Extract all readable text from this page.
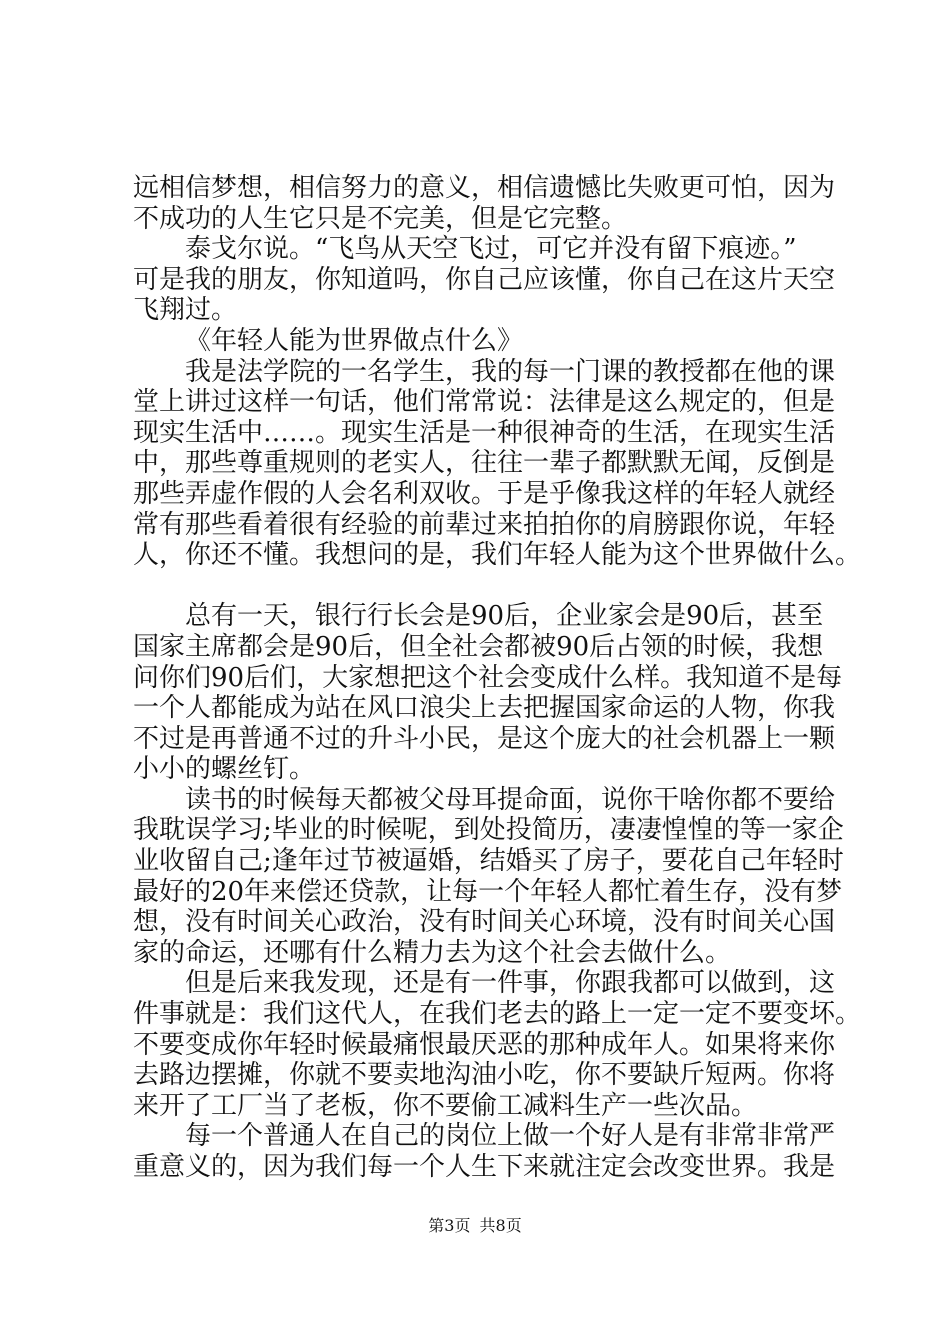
远相信梦想，相信努力的意义，相信遗憾比失败更可怕，因为
不成功的人生它只是不完美，但是它完整。
泰戈尔说。“飞鸟从天空飞过，可它并没有留下痕迹。”
可是我的朋友，你知道吗，你自己应该懂，你自己在这片天空
飞翔过。
《年轻人能为世界做点什么》
我是法学院的一名学生，我的每一门课的教授都在他的课
堂上讲过这样一句话，他们常常说：法律是这么规定的，但是
现实生活中……。现实生活是一种很神奇的生活，在现实生活
中，那些尊重规则的老实人，往往一辈子都默默无闻，反倒是
那些弄虚作假的人会名利双收。于是乎像我这样的年轻人就经
常有那些看着很有经验的前辈过来拍拍你的肩膀跟你说，年轻
人，你还不懂。我想问的是，我们年轻人能为这个世界做什么。
总有一天，银行行长会是90后，企业家会是90后，甚至
国家主席都会是90后，但全社会都被90后占领的时候，我想
问你们90后们，大家想把这个社会变成什么样。我知道不是每
一个人都能成为站在风口浪尖上去把握国家命运的人物，你我
不过是再普通不过的升斗小民，是这个庞大的社会机器上一颗
小小的螺丝钉。
读书的时候每天都被父母耳提命面，说你干啥你都不要给
我耽误学习;毕业的时候呢，到处投简历，凄凄惶惶的等一家企
业收留自己;逢年过节被逼婚，结婚买了房子，要花自己年轻时
最好的20年来偿还贷款，让每一个年轻人都忙着生存，没有梦
想，没有时间关心政治，没有时间关心环境，没有时间关心国
家的命运，还哪有什么精力去为这个社会去做什么。
但是后来我发现，还是有一件事，你跟我都可以做到，这
件事就是：我们这代人，在我们老去的路上一定一定不要变坏。
不要变成你年轻时候最痛恨最厌恶的那种成年人。如果将来你
去路边摆摊，你就不要卖地沟油小吃，你不要缺斤短两。你将
来开了工厂当了老板，你不要偷工减料生产一些次品。
每一个普通人在自己的岗位上做一个好人是有非常非常严
重意义的，因为我们每一个人生下来就注定会改变世界。我是
第3页 共8页
